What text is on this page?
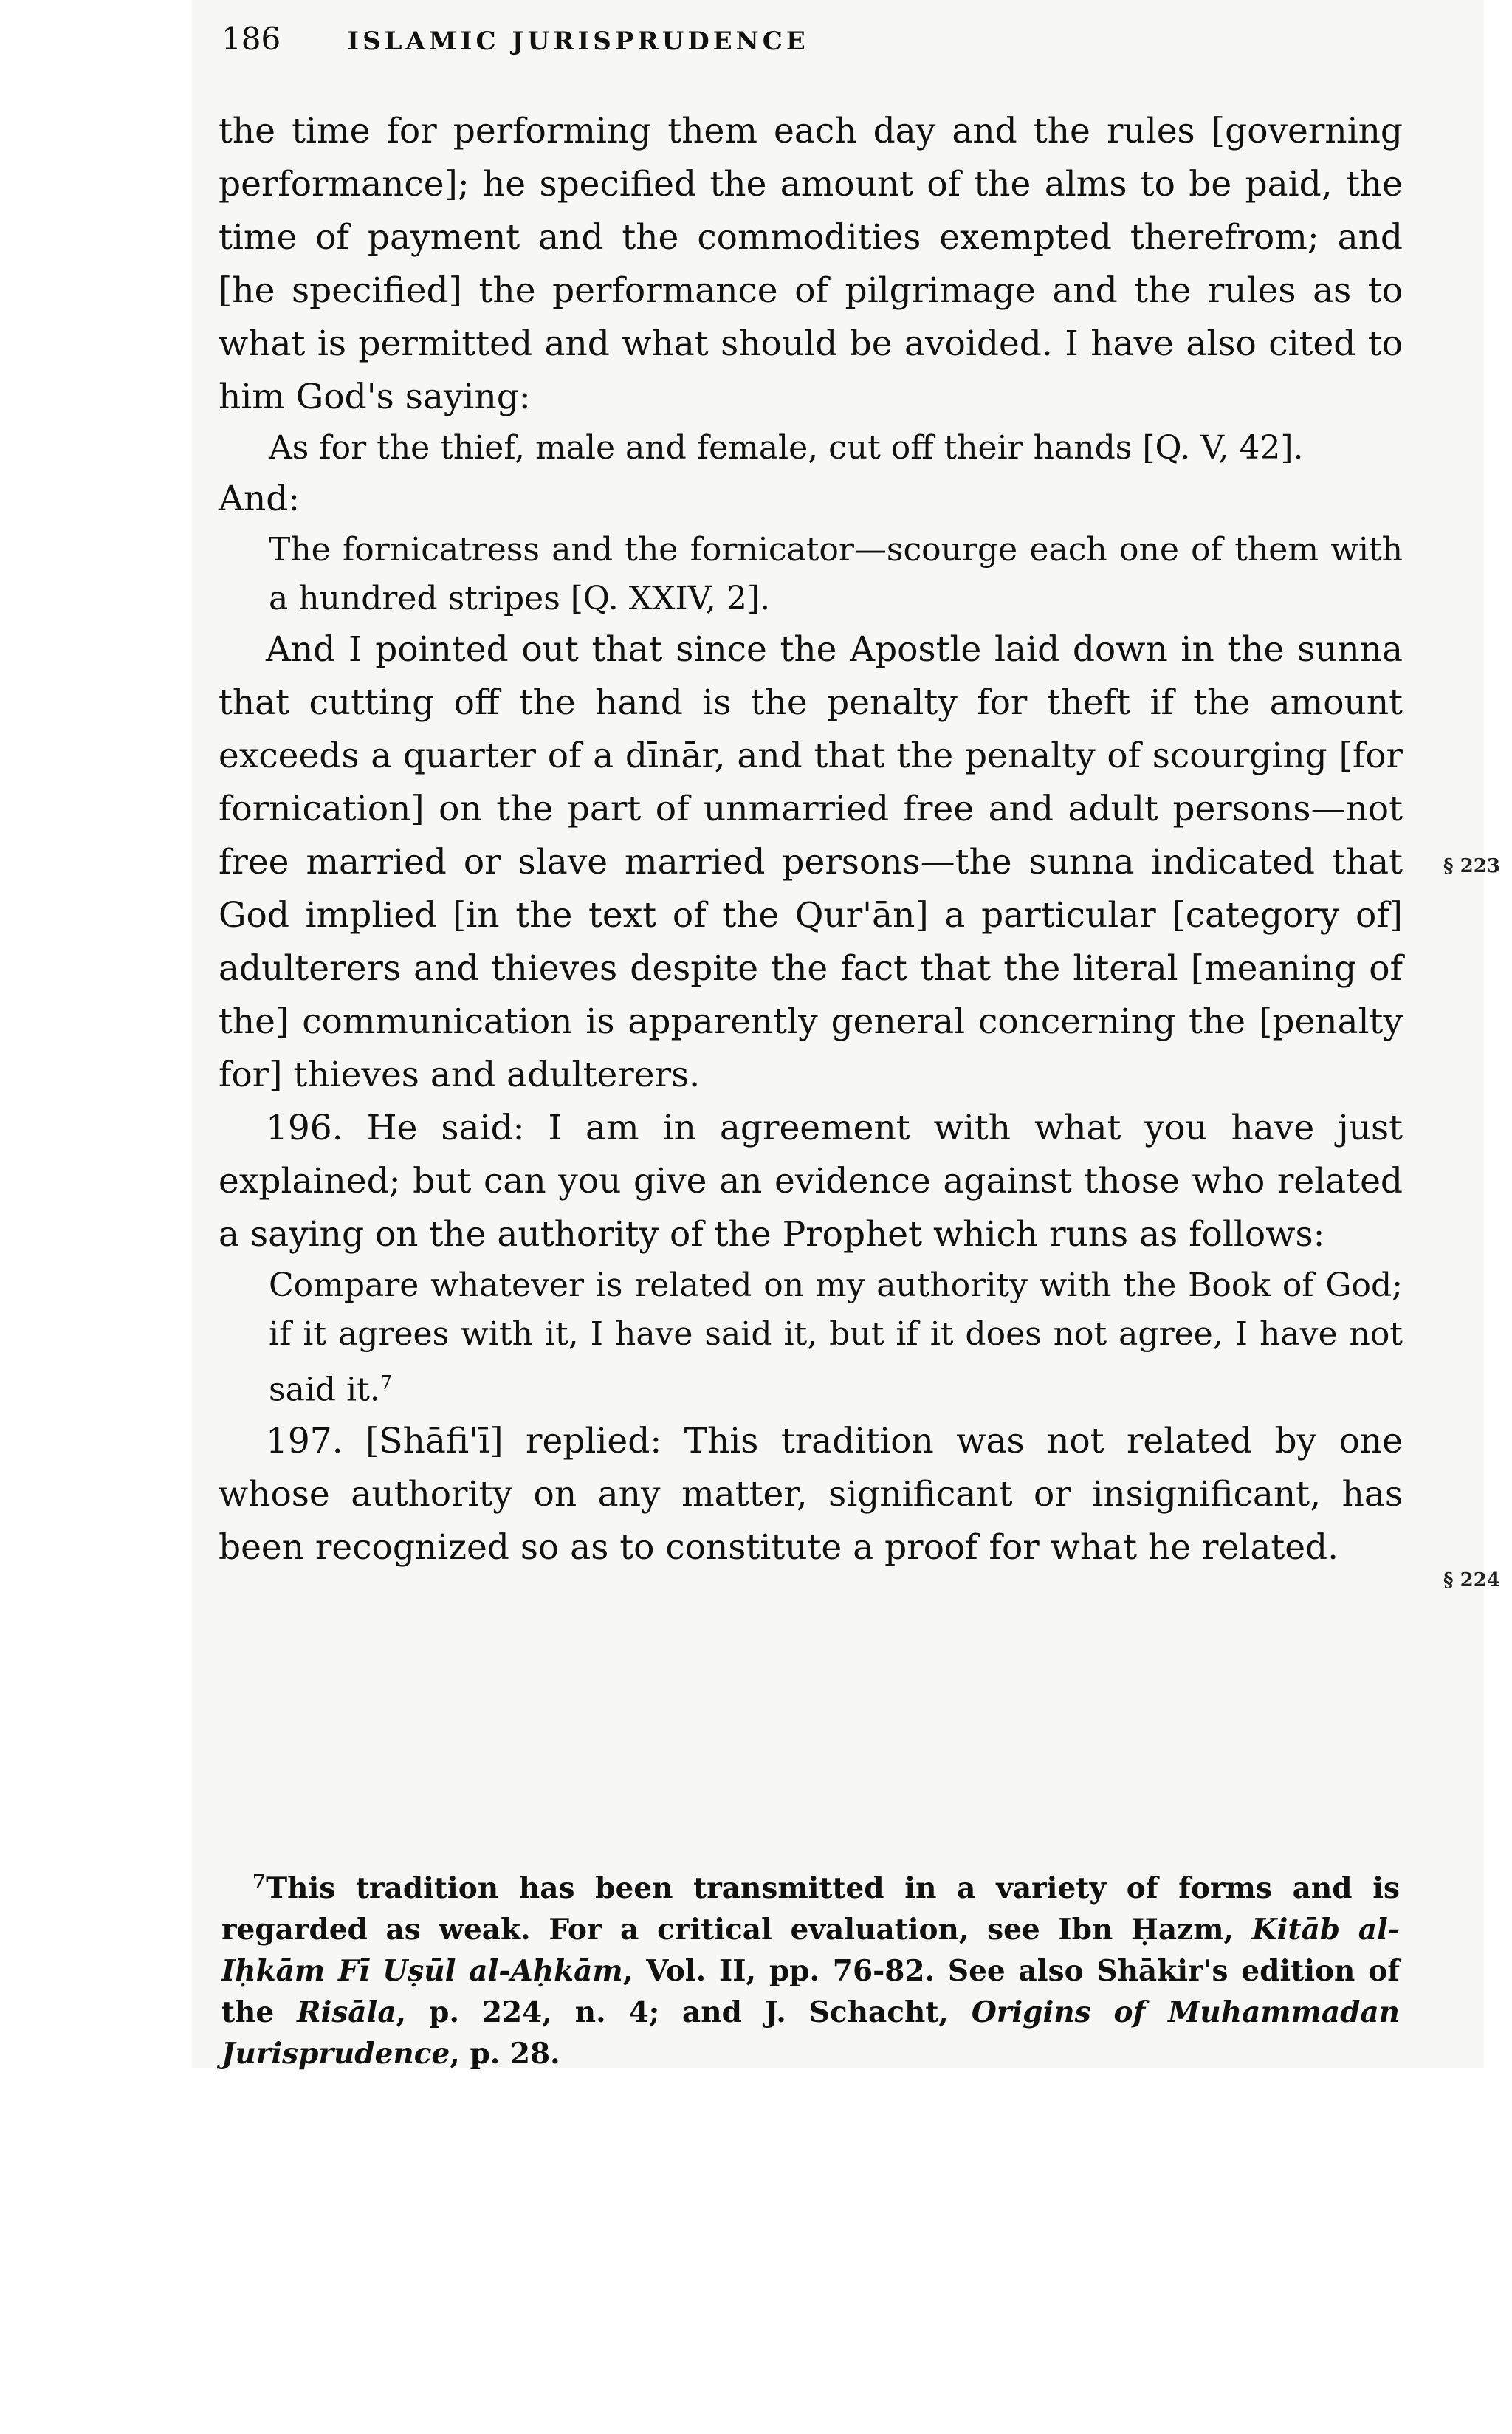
186	ISLAMIC JURISPRUDENCE

the time for performing them each day and the rules [governing performance]; he specified the amount of the alms to be paid, the time of payment and the commodities exempted therefrom; and [he specified] the performance of pilgrimage and the rules as to what is permitted and what should be avoided. I have also cited to him God's saying:

As for the thief, male and female, cut off their hands [Q. V, 42].

And:

The fornicatress and the fornicator—scourge each one of them with a hundred stripes [Q. XXIV, 2].

And I pointed out that since the Apostle laid down in the sunna that cutting off the hand is the penalty for theft if the amount exceeds a quarter of a dīnār, and that the penalty of scourging [for fornication] on the part of unmarried free and adult persons—not free married or slave married persons—the sunna indicated that God implied [in the text of the Qur'ān] a particular [category of] adulterers and thieves despite the fact that the literal [meaning of the] communication is apparently general concerning the [penalty for] thieves and adulterers.

196. He said: I am in agreement with what you have just explained; but can you give an evidence against those who related a saying on the authority of the Prophet which runs as follows:

Compare whatever is related on my authority with the Book of God; if it agrees with it, I have said it, but if it does not agree, I have not said it.$^7$

197. [Shāfi'ī] replied: This tradition was not related by one whose authority on any matter, significant or insignificant, has been recognized so as to constitute a proof for what he related.

§ 223
§ 224

$^7$This tradition has been transmitted in a variety of forms and is regarded as weak. For a critical evaluation, see Ibn Ḥazm, Kitāb al-Iḥkām Fī Uṣūl al-Aḥkām, Vol. II, pp. 76-82. See also Shākir's edition of the Risāla, p. 224, n. 4; and J. Schacht, Origins of Muhammadan Jurisprudence, p. 28.
